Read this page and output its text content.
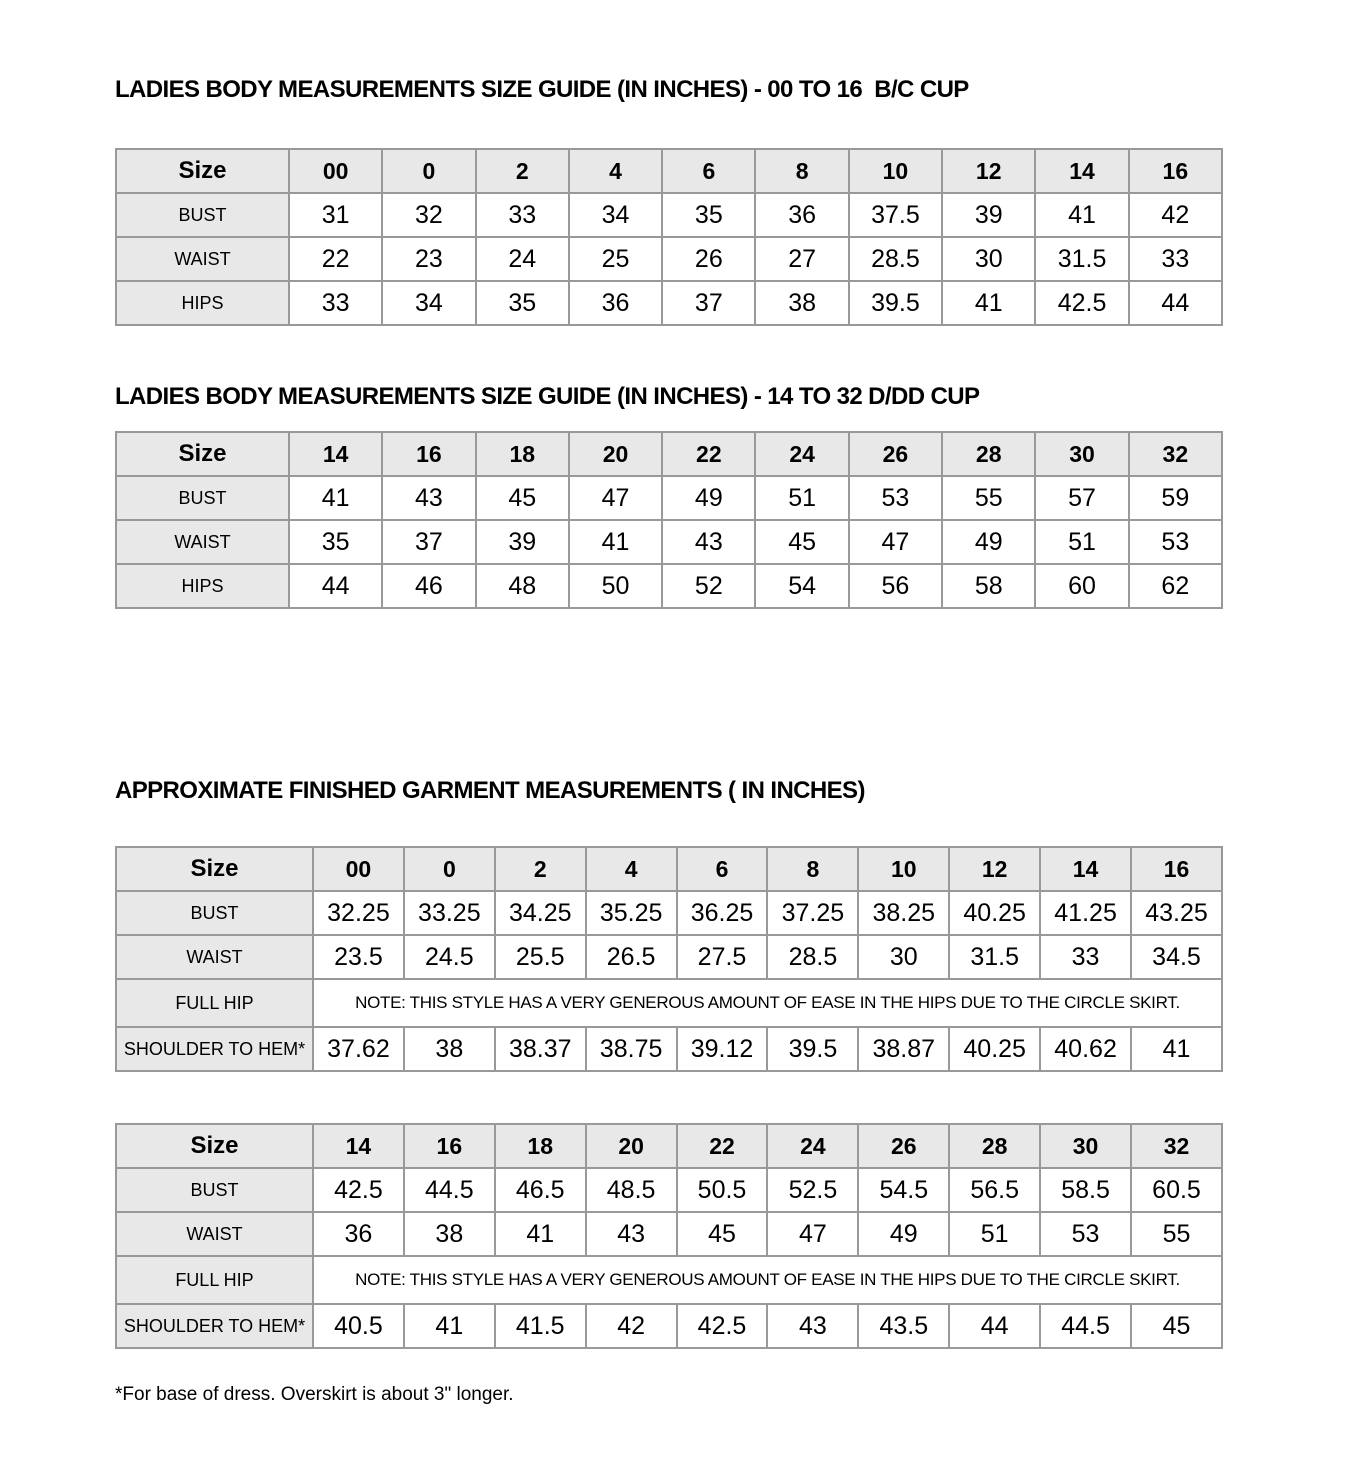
LADIES BODY MEASUREMENTS SIZE GUIDE (IN INCHES) - 00 TO 16  B/C CUP
Size	00	0	2	4	6	8	10	12	14	16
BUST	31	32	33	34	35	36	37.5	39	41	42
WAIST	22	23	24	25	26	27	28.5	30	31.5	33
HIPS	33	34	35	36	37	38	39.5	41	42.5	44
LADIES BODY MEASUREMENTS SIZE GUIDE (IN INCHES) - 14 TO 32 D/DD CUP
Size	14	16	18	20	22	24	26	28	30	32
BUST	41	43	45	47	49	51	53	55	57	59
WAIST	35	37	39	41	43	45	47	49	51	53
HIPS	44	46	48	50	52	54	56	58	60	62
APPROXIMATE FINISHED GARMENT MEASUREMENTS ( IN INCHES)
Size	00	0	2	4	6	8	10	12	14	16
BUST	32.25	33.25	34.25	35.25	36.25	37.25	38.25	40.25	41.25	43.25
WAIST	23.5	24.5	25.5	26.5	27.5	28.5	30	31.5	33	34.5
FULL HIP	NOTE: THIS STYLE HAS A VERY GENEROUS AMOUNT OF EASE IN THE HIPS DUE TO THE CIRCLE SKIRT.									
SHOULDER TO HEM*	37.62	38	38.37	38.75	39.12	39.5	38.87	40.25	40.62	41
Size	14	16	18	20	22	24	26	28	30	32
BUST	42.5	44.5	46.5	48.5	50.5	52.5	54.5	56.5	58.5	60.5
WAIST	36	38	41	43	45	47	49	51	53	55
FULL HIP	NOTE: THIS STYLE HAS A VERY GENEROUS AMOUNT OF EASE IN THE HIPS DUE TO THE CIRCLE SKIRT.									
SHOULDER TO HEM*	40.5	41	41.5	42	42.5	43	43.5	44	44.5	45

*For base of dress. Overskirt is about 3" longer.
